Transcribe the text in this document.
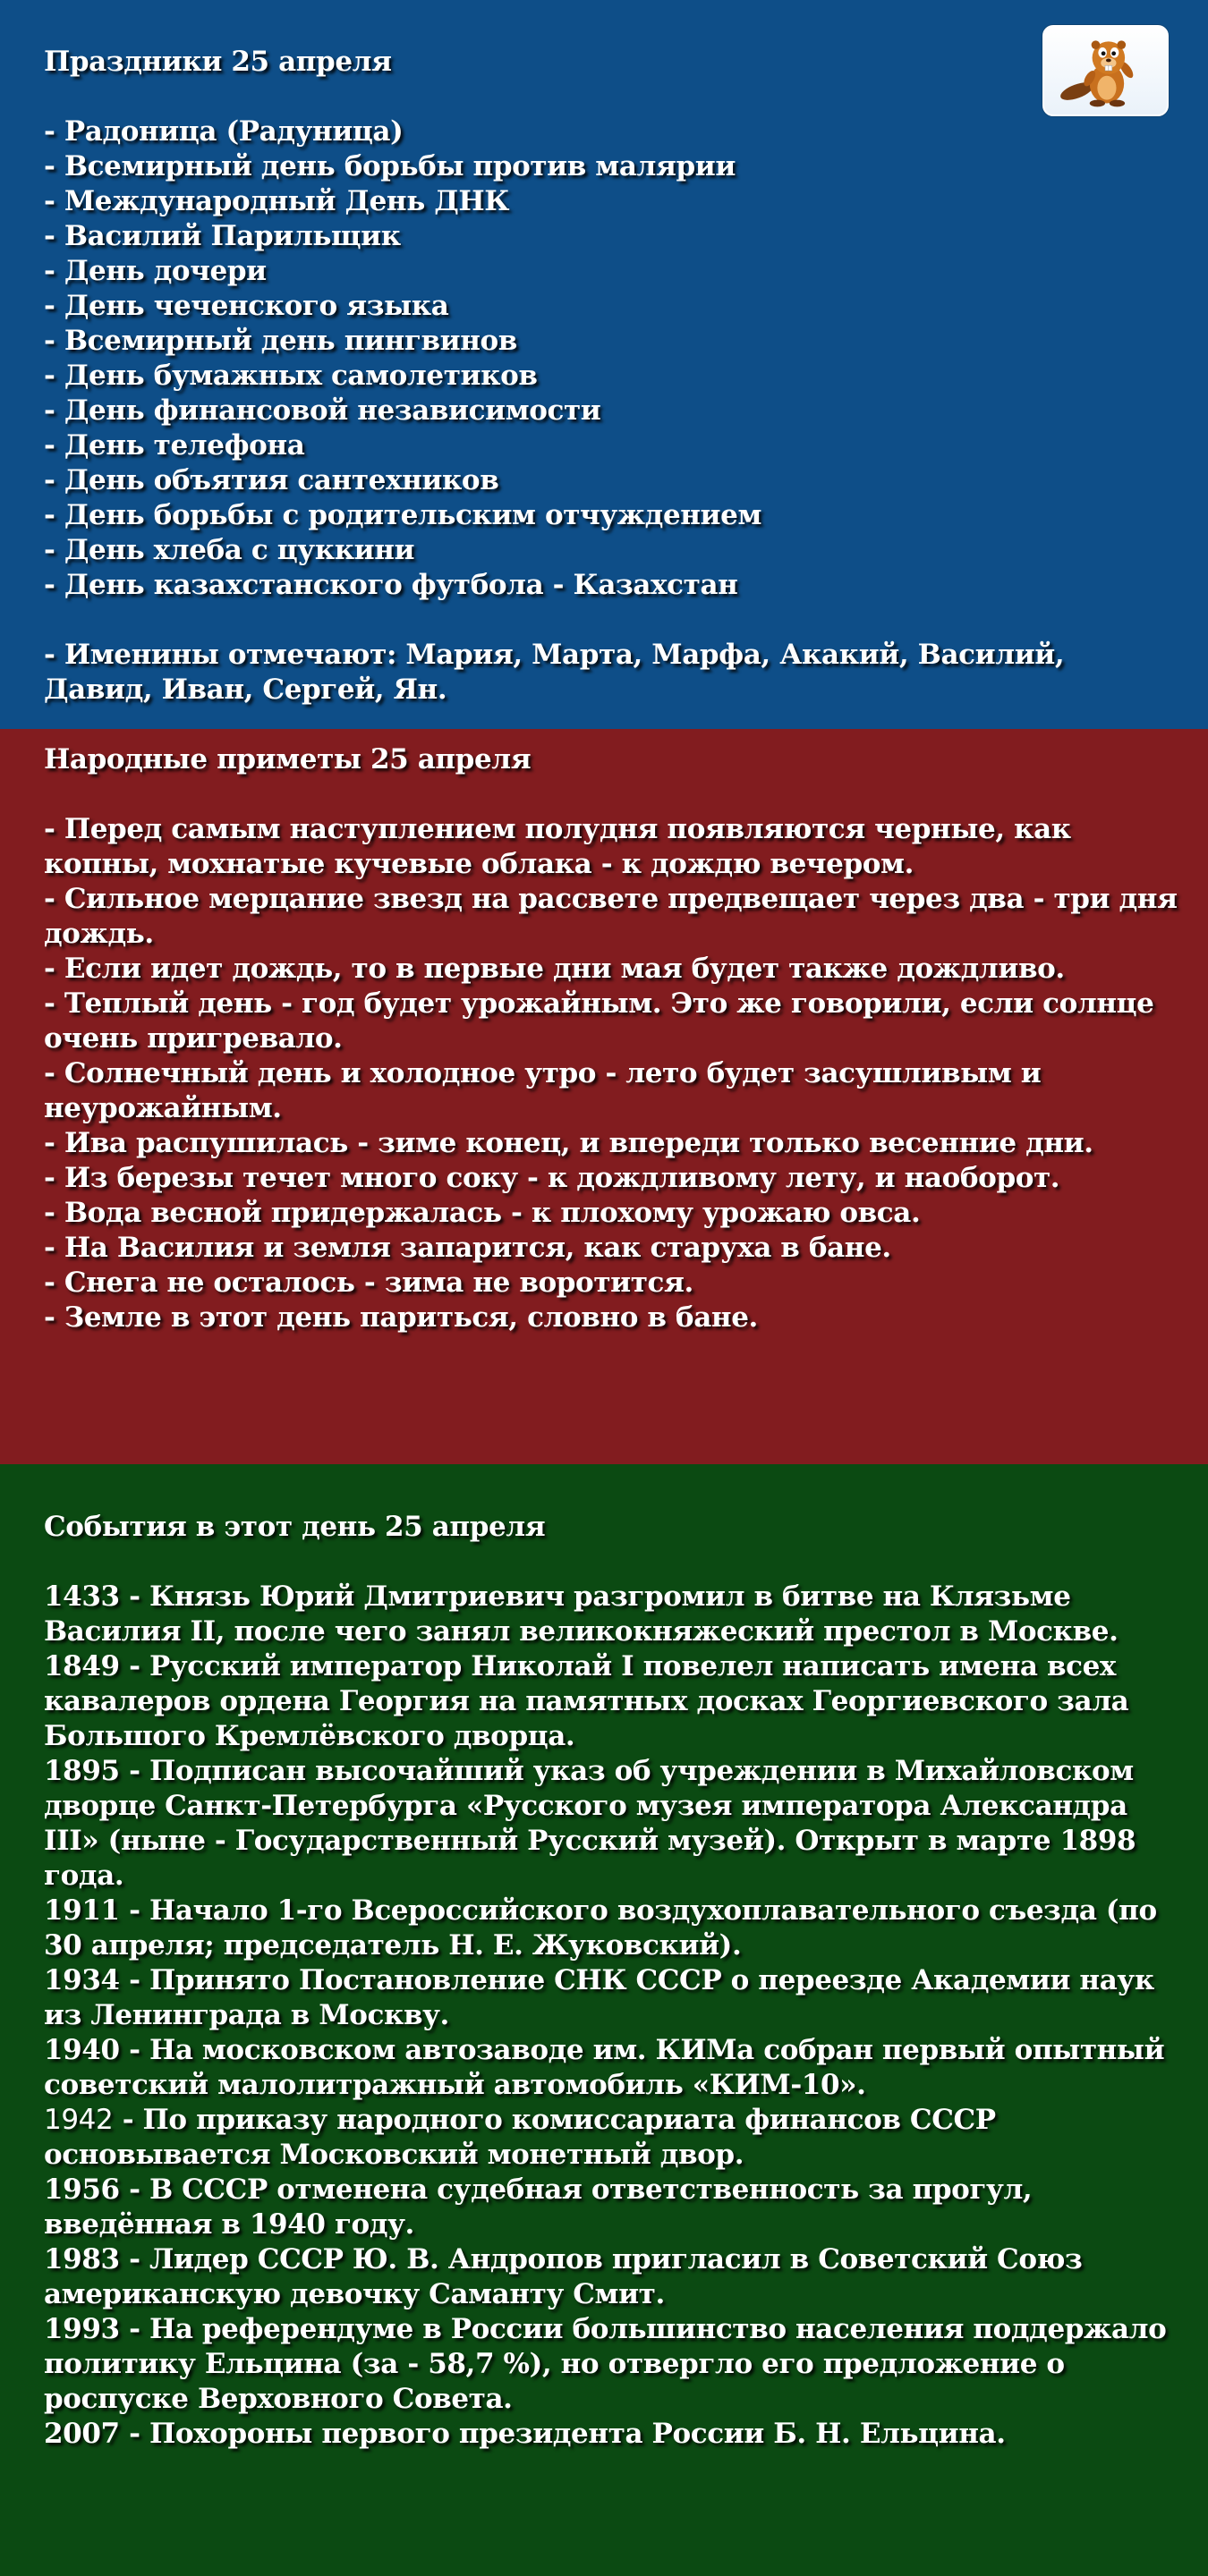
Праздники 25 апреля
- Радоница (Радуница)
- Всемирный день борьбы против малярии
- Международный День ДНК
- Василий Парильщик
- День дочери
- День чеченского языка
- Всемирный день пингвинов
- День бумажных самолетиков
- День финансовой независимости
- День телефона
- День объятия сантехников
- День борьбы с родительским отчуждением
- День хлеба с цуккини
- День казахстанского футбола - Казахстан
- Именины отмечают: Мария, Марта, Марфа, Акакий, Василий, Давид, Иван, Сергей, Ян.
Народные приметы 25 апреля
- Перед самым наступлением полудня появляются черные, как копны, мохнатые кучевые облака - к дождю вечером.
- Сильное мерцание звезд на рассвете предвещает через два - три дня дождь.
- Если идет дождь, то в первые дни мая будет также дождливо.
- Теплый день - год будет урожайным. Это же говорили, если солнце очень пригревало.
- Солнечный день и холодное утро - лето будет засушливым и неурожайным.
- Ива распушилась - зиме конец, и впереди только весенние дни.
- Из березы течет много соку - к дождливому лету, и наоборот.
- Вода весной придержалась - к плохому урожаю овса.
- На Василия и земля запарится, как старуха в бане.
- Снега не осталось - зима не воротится.
- Земле в этот день париться, словно в бане.
События в этот день 25 апреля
1433 - Князь Юрий Дмитриевич разгромил в битве на Клязьме Василия II, после чего занял великокняжеский престол в Москве.
1849 - Русский император Николай I повелел написать имена всех кавалеров ордена Георгия на памятных досках Георгиевского зала Большого Кремлёвского дворца.
1895 - Подписан высочайший указ об учреждении в Михайловском дворце Санкт-Петербурга «Русского музея императора Александра III» (ныне - Государственный Русский музей). Открыт в марте 1898 года.
1911 - Начало 1-го Всероссийского воздухоплавательного съезда (по 30 апреля; председатель Н. Е. Жуковский).
1934 - Принято Постановление СНК СССР о переезде Академии наук из Ленинграда в Москву.
1940 - На московском автозаводе им. КИМа собран первый опытный советский малолитражный автомобиль «КИМ-10».
1942 - По приказу народного комиссариата финансов СССР основывается Московский монетный двор.
1956 - В СССР отменена судебная ответственность за прогул, введённая в 1940 году.
1983 - Лидер СССР Ю. В. Андропов пригласил в Советский Союз американскую девочку Саманту Смит.
1993 - На референдуме в России большинство населения поддержало политику Ельцина (за - 58,7 %), но отвергло его предложение о роспуске Верховного Совета.
2007 - Похороны первого президента России Б. Н. Ельцина.
